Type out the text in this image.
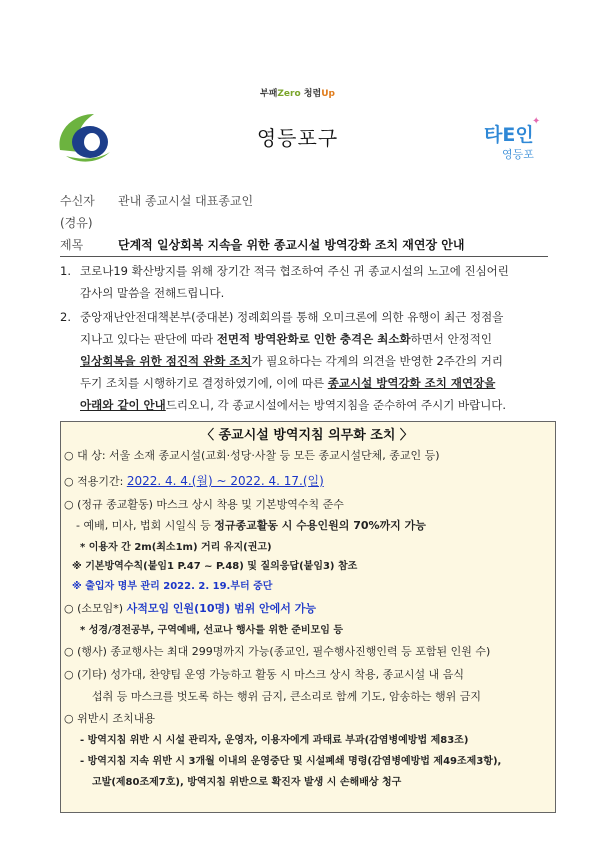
부패Zero 청렴Up
영등포구	타E인
✦
영등포
수신자 관내 종교시설 대표종교인
(경유)
제목	단계적 일상회복 지속을 위한 종교시설 방역강화 조치 재연장 안내
1. 코로나19 확산방지를 위해 장기간 적극 협조하여 주신 귀 종교시설의 노고에 진심어린
감사의 말씀을 전해드립니다.
2. 중앙재난안전대책본부(중대본) 정례회의를 통해 오미크론에 의한 유행이 최근 정점을
지나고 있다는 판단에 따라 전면적 방역완화로 인한 충격은 최소화하면서 안정적인
일상회복을 위한 점진적 완화 조치가 필요하다는 각계의 의견을 반영한 2주간의 거리
두기 조치를 시행하기로 결정하였기에, 이에 따른 종교시설 방역강화 조치 재연장을
아래와 같이 안내드리오니, 각 종교시설에서는 방역지침을 준수하여 주시기 바랍니다.
〈 종교시설 방역지침 의무화 조치 〉
○ 대 상: 서울 소재 종교시설(교회·성당·사찰 등 모든 종교시설단체, 종교인 등)
○ 적용기간: 2022. 4. 4.(월) ~ 2022. 4. 17.(일)
○ (정규 종교활동) 마스크 상시 착용 및 기본방역수칙 준수
- 예배, 미사, 법회 시일식 등 정규종교활동 시 수용인원의 70%까지 가능
* 이용자 간 2m(최소1m) 거리 유지(권고)
※ 기본방역수칙(붙임1 P.47 ~ P.48) 및 질의응답(붙임3) 참조
※ 출입자 명부 관리 2022. 2. 19.부터 중단
○ (소모임*) 사적모임 인원(10명) 범위 안에서 가능
* 성경/경전공부, 구역예배, 선교나 행사를 위한 준비모임 등
○ (행사) 종교행사는 최대 299명까지 가능(종교인, 필수행사진행인력 등 포함된 인원 수)
○ (기타) 성가대, 찬양팀 운영 가능하고 활동 시 마스크 상시 착용, 종교시설 내 음식
섭취 등 마스크를 벗도록 하는 행위 금지, 큰소리로 함께 기도, 암송하는 행위 금지
○ 위반시 조치내용
- 방역지침 위반 시 시설 관리자, 운영자, 이용자에게 과태료 부과(감염병예방법 제83조)
- 방역지침 지속 위반 시 3개월 이내의 운영중단 및 시설폐쇄 명령(감염병예방법 제49조제3항),
고발(제80조제7호), 방역지침 위반으로 확진자 발생 시 손해배상 청구
